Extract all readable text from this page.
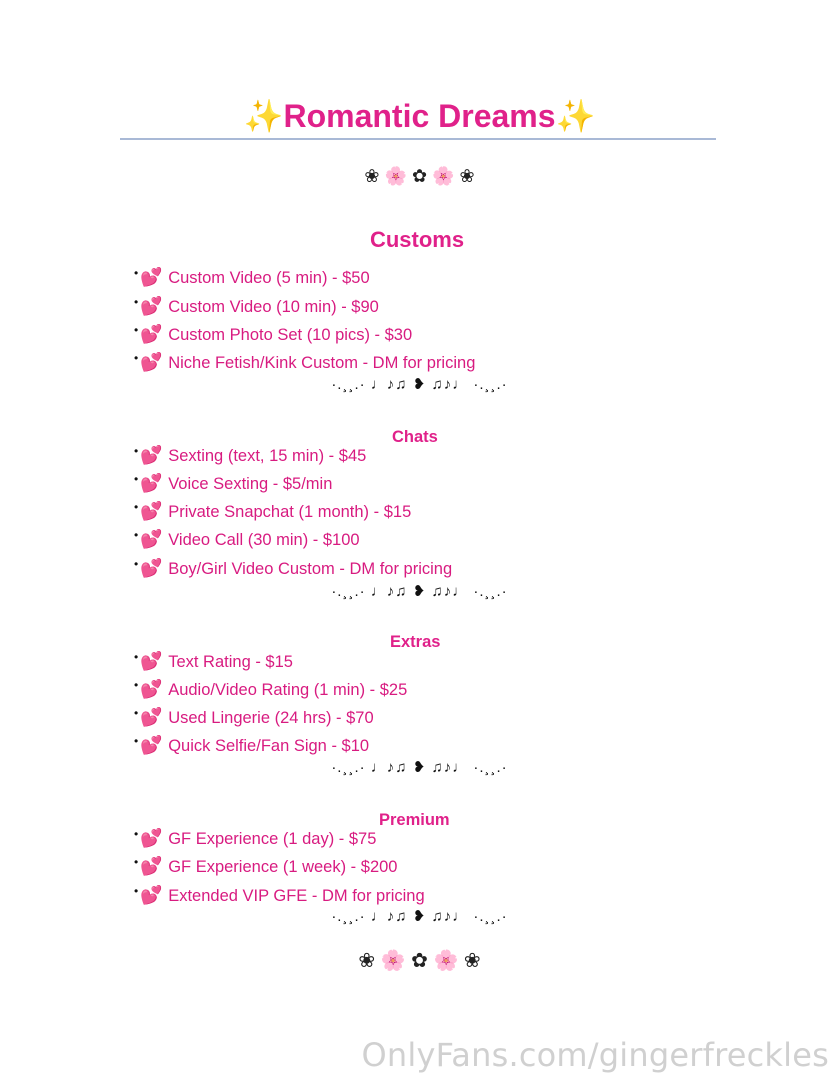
✨Romantic Dreams✨
❀ 🌸 ✿ 🌸 ❀
Customs
• 💕 Custom Video (5 min) - $50
• 💕 Custom Video (10 min) - $90
• 💕 Custom Photo Set (10 pics) - $30
• 💕 Niche Fetish/Kink Custom - DM for pricing
·.¸¸.· ♩♪♫ ❥ ♫♪♩ ·.¸¸.·
Chats
• 💕 Sexting (text, 15 min) - $45
• 💕 Voice Sexting - $5/min
• 💕 Private Snapchat (1 month) - $15
• 💕 Video Call (30 min) - $100
• 💕 Boy/Girl Video Custom - DM for pricing
·.¸¸.· ♩♪♫ ❥ ♫♪♩ ·.¸¸.·
Extras
• 💕 Text Rating - $15
• 💕 Audio/Video Rating (1 min) - $25
• 💕 Used Lingerie (24 hrs) - $70
• 💕 Quick Selfie/Fan Sign - $10
·.¸¸.· ♩♪♫ ❥ ♫♪♩ ·.¸¸.·
Premium
• 💕 GF Experience (1 day) - $75
• 💕 GF Experience (1 week) - $200
• 💕 Extended VIP GFE - DM for pricing
·.¸¸.· ♩♪♫ ❥ ♫♪♩ ·.¸¸.·
❀ 🌸 ✿ 🌸 ❀
OnlyFans.com/gingerfreckles
